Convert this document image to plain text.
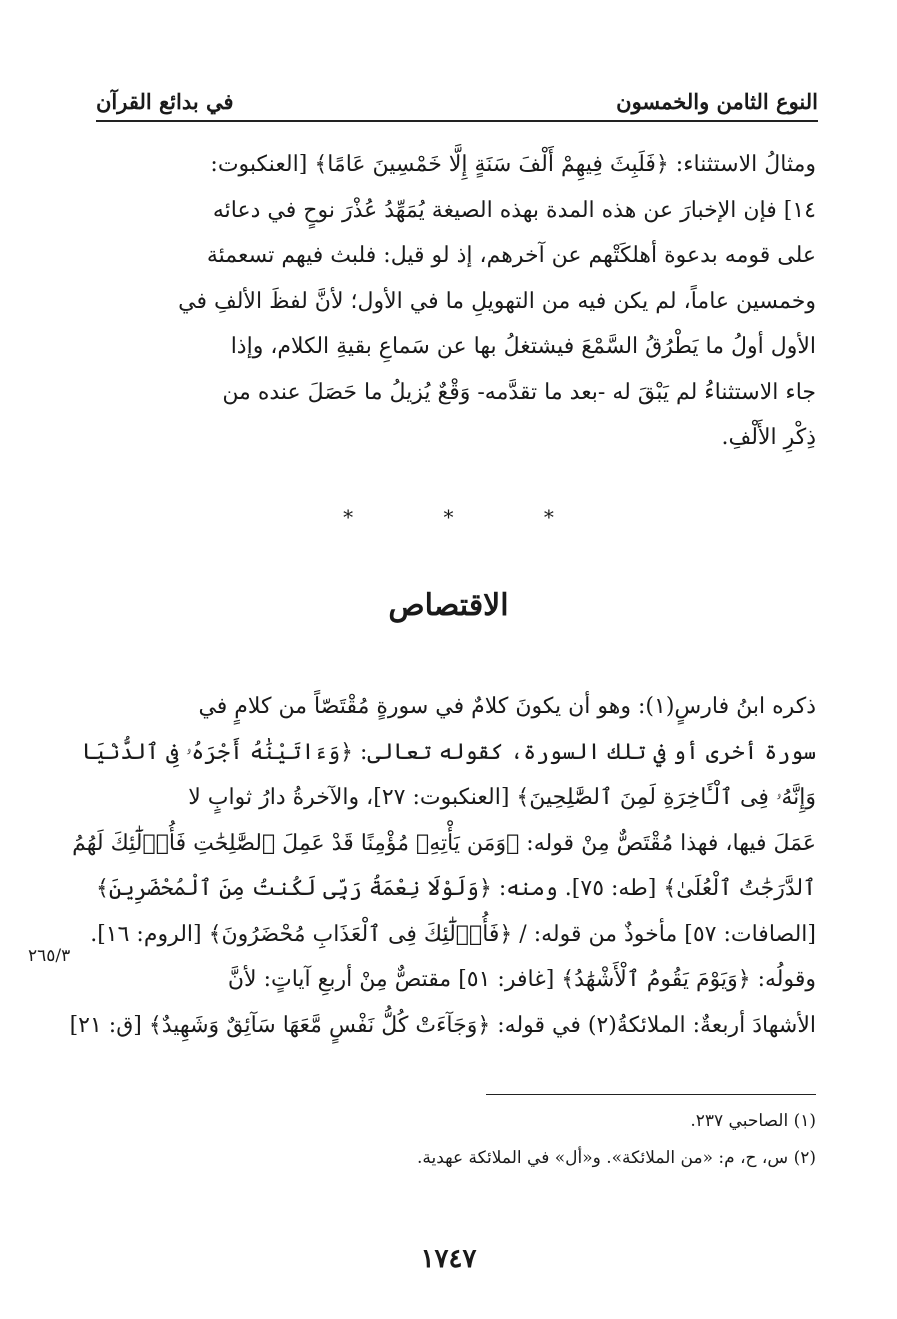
النوع الثامن والخمسون
في بدائع القرآن
ومثالُ الاستثناء: ﴿فَلَبِثَ فِيهِمْ أَلْفَ سَنَةٍ إِلَّا خَمْسِينَ عَامًا﴾ [العنكبوت:
١٤] فإن الإخبارَ عن هذه المدة بهذه الصيغة يُمَهِّدُ عُذْرَ نوحٍ في دعائه
على قومه بدعوة أهلكَتْهم عن آخرهم، إذ لو قيل: فلبث فيهم تسعمئة
وخمسين عاماً، لم يكن فيه من التهويلِ ما في الأول؛ لأنَّ لفظَ الألفِ في
الأول أولُ ما يَطْرُقُ السَّمْعَ فيشتغلُ بها عن سَماعِ بقيةِ الكلام، وإذا
جاء الاستثناءُ لم يَبْقَ له -بعد ما تقدَّمه- وَقْعٌ يُزيلُ ما حَصَلَ عنده من
ذِكْرِ الأَلْفِ.
* * *
الاقتصاص
ذكره ابنُ فارسٍ(١): وهو أن يكونَ كلامٌ في سورةٍ مُقْتَصّاً من كلامٍ في
سورة أخرى أو في تلك السورة، كقوله تعالى: ﴿وَءَاتَيْنَٰهُ أَجْرَهُۥ فِى ٱلدُّنْيَا
وَإِنَّهُۥ فِى ٱلْـَٔاخِرَةِ لَمِنَ ٱلصَّٰلِحِينَ﴾ [العنكبوت: ٢٧]، والآخرةُ دارُ ثوابٍ لا
عَمَلَ فيها، فهذا مُقْتَصٌّ مِنْ قوله: ﴿وَمَن يَأْتِهِۦ مُؤْمِنًا قَدْ عَمِلَ ٱلصَّٰلِحَٰتِ فَأُو۟لَٰٓئِكَ لَهُمُ
ٱلدَّرَجَٰتُ ٱلْعُلَىٰ﴾ [طه: ٧٥]. ومنه: ﴿وَلَوْلَا نِعْمَةُ رَبِّى لَكُنتُ مِنَ ٱلْمُحْضَرِينَ﴾
[الصافات: ٥٧] مأخوذٌ من قوله: / ﴿فَأُو۟لَٰٓئِكَ فِى ٱلْعَذَابِ مُحْضَرُونَ﴾ [الروم: ١٦].
وقولُه: ﴿وَيَوْمَ يَقُومُ ٱلْأَشْهَٰدُ﴾ [غافر: ٥١] مقتصٌّ مِنْ أربعِ آياتٍ: لأنَّ
الأشهادَ أربعةٌ: الملائكةُ(٢) في قوله: ﴿وَجَآءَتْ كُلُّ نَفْسٍ مَّعَهَا سَآئِقٌ وَشَهِيدٌ﴾ [ق: ٢١]
٢٦٥/٣
(١) الصاحبي ٢٣٧.
(٢) س، ح، م: «من الملائكة». و«أل» في الملائكة عهدية.
١٧٤٧
